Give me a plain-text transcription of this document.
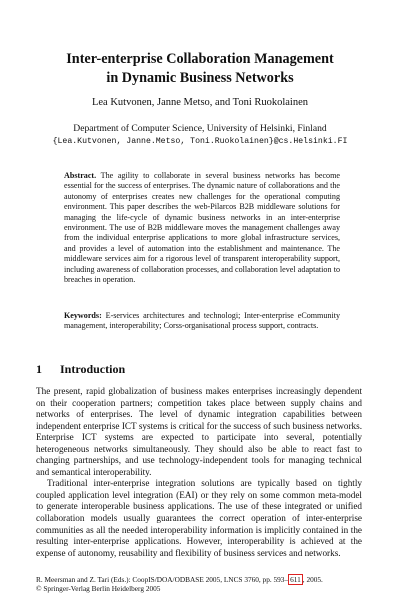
Inter-enterprise Collaboration Management
in Dynamic Business Networks
Lea Kutvonen, Janne Metso, and Toni Ruokolainen
Department of Computer Science, University of Helsinki, Finland
{Lea.Kutvonen, Janne.Metso, Toni.Ruokolainen}@cs.Helsinki.FI
Abstract. The agility to collaborate in several business networks has become essential for the success of enterprises. The dynamic nature of collaborations and the autonomy of enterprises creates new challenges for the operational computing environment. This paper describes the web-Pilarcos B2B middleware solutions for managing the life-cycle of dynamic business networks in an inter-enterprise environment. The use of B2B middleware moves the management challenges away from the individual enterprise applications to more global infrastructure services, and provides a level of automation into the establishment and maintenance. The middleware services aim for a rigorous level of transparent interoperability support, including awareness of collaboration processes, and collaboration level adaptation to breaches in operation.
Keywords: E-services architectures and technologi; Inter-enterprise eCommunity management, interoperability; Corss-organisational process support, contracts.
1 Introduction

The present, rapid globalization of business makes enterprises increasingly dependent on their cooperation partners; competition takes place between supply chains and networks of enterprises. The level of dynamic integration capabilities between independent enterprise ICT systems is critical for the success of such business networks. Enterprise ICT systems are expected to participate into several, potentially heterogeneous networks simultaneously. They should also be able to react fast to changing partnerships, and use technology-independent tools for managing technical and semantical interoperability.

Traditional inter-enterprise integration solutions are typically based on tightly coupled application level integration (EAI) or they rely on some common meta-model to generate interoperable business applications. The use of these integrated or unified collaboration models usually guarantees the correct operation of inter-enterprise communities as all the needed interoperability information is implicitly contained in the resulting inter-enterprise applications. However, interoperability is achieved at the expense of autonomy, reusability and flexibility of business services and networks.

R. Meersman and Z. Tari (Eds.): CoopIS/DOA/ODBASE 2005, LNCS 3760, pp. 593– 611 , 2005.
© Springer-Verlag Berlin Heidelberg 2005
